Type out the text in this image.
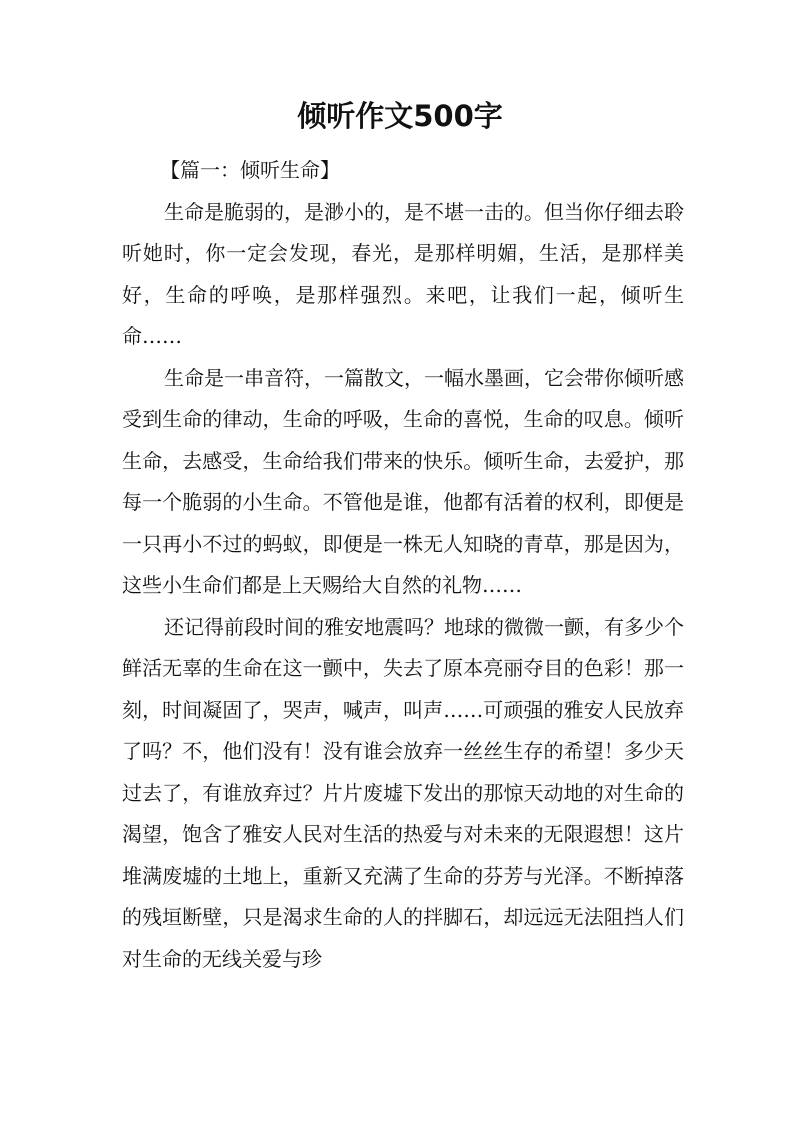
倾听作文500字

【篇一：倾听生命】

生命是脆弱的，是渺小的，是不堪一击的。但当你仔细去聆听她时，你一定会发现，春光，是那样明媚，生活，是那样美好，生命的呼唤，是那样强烈。来吧，让我们一起，倾听生命……

生命是一串音符，一篇散文，一幅水墨画，它会带你倾听感受到生命的律动，生命的呼吸，生命的喜悦，生命的叹息。倾听生命，去感受，生命给我们带来的快乐。倾听生命，去爱护，那每一个脆弱的小生命。不管他是谁，他都有活着的权利，即便是一只再小不过的蚂蚁，即便是一株无人知晓的青草，那是因为，这些小生命们都是上天赐给大自然的礼物……

还记得前段时间的雅安地震吗？地球的微微一颤，有多少个鲜活无辜的生命在这一颤中，失去了原本亮丽夺目的色彩！那一刻，时间凝固了，哭声，喊声，叫声……可顽强的雅安人民放弃了吗？不，他们没有！没有谁会放弃一丝丝生存的希望！多少天过去了，有谁放弃过？片片废墟下发出的那惊天动地的对生命的渴望，饱含了雅安人民对生活的热爱与对未来的无限遐想！这片堆满废墟的土地上，重新又充满了生命的芬芳与光泽。不断掉落的残垣断壁，只是渴求生命的人的拌脚石，却远远无法阻挡人们对生命的无线关爱与珍
